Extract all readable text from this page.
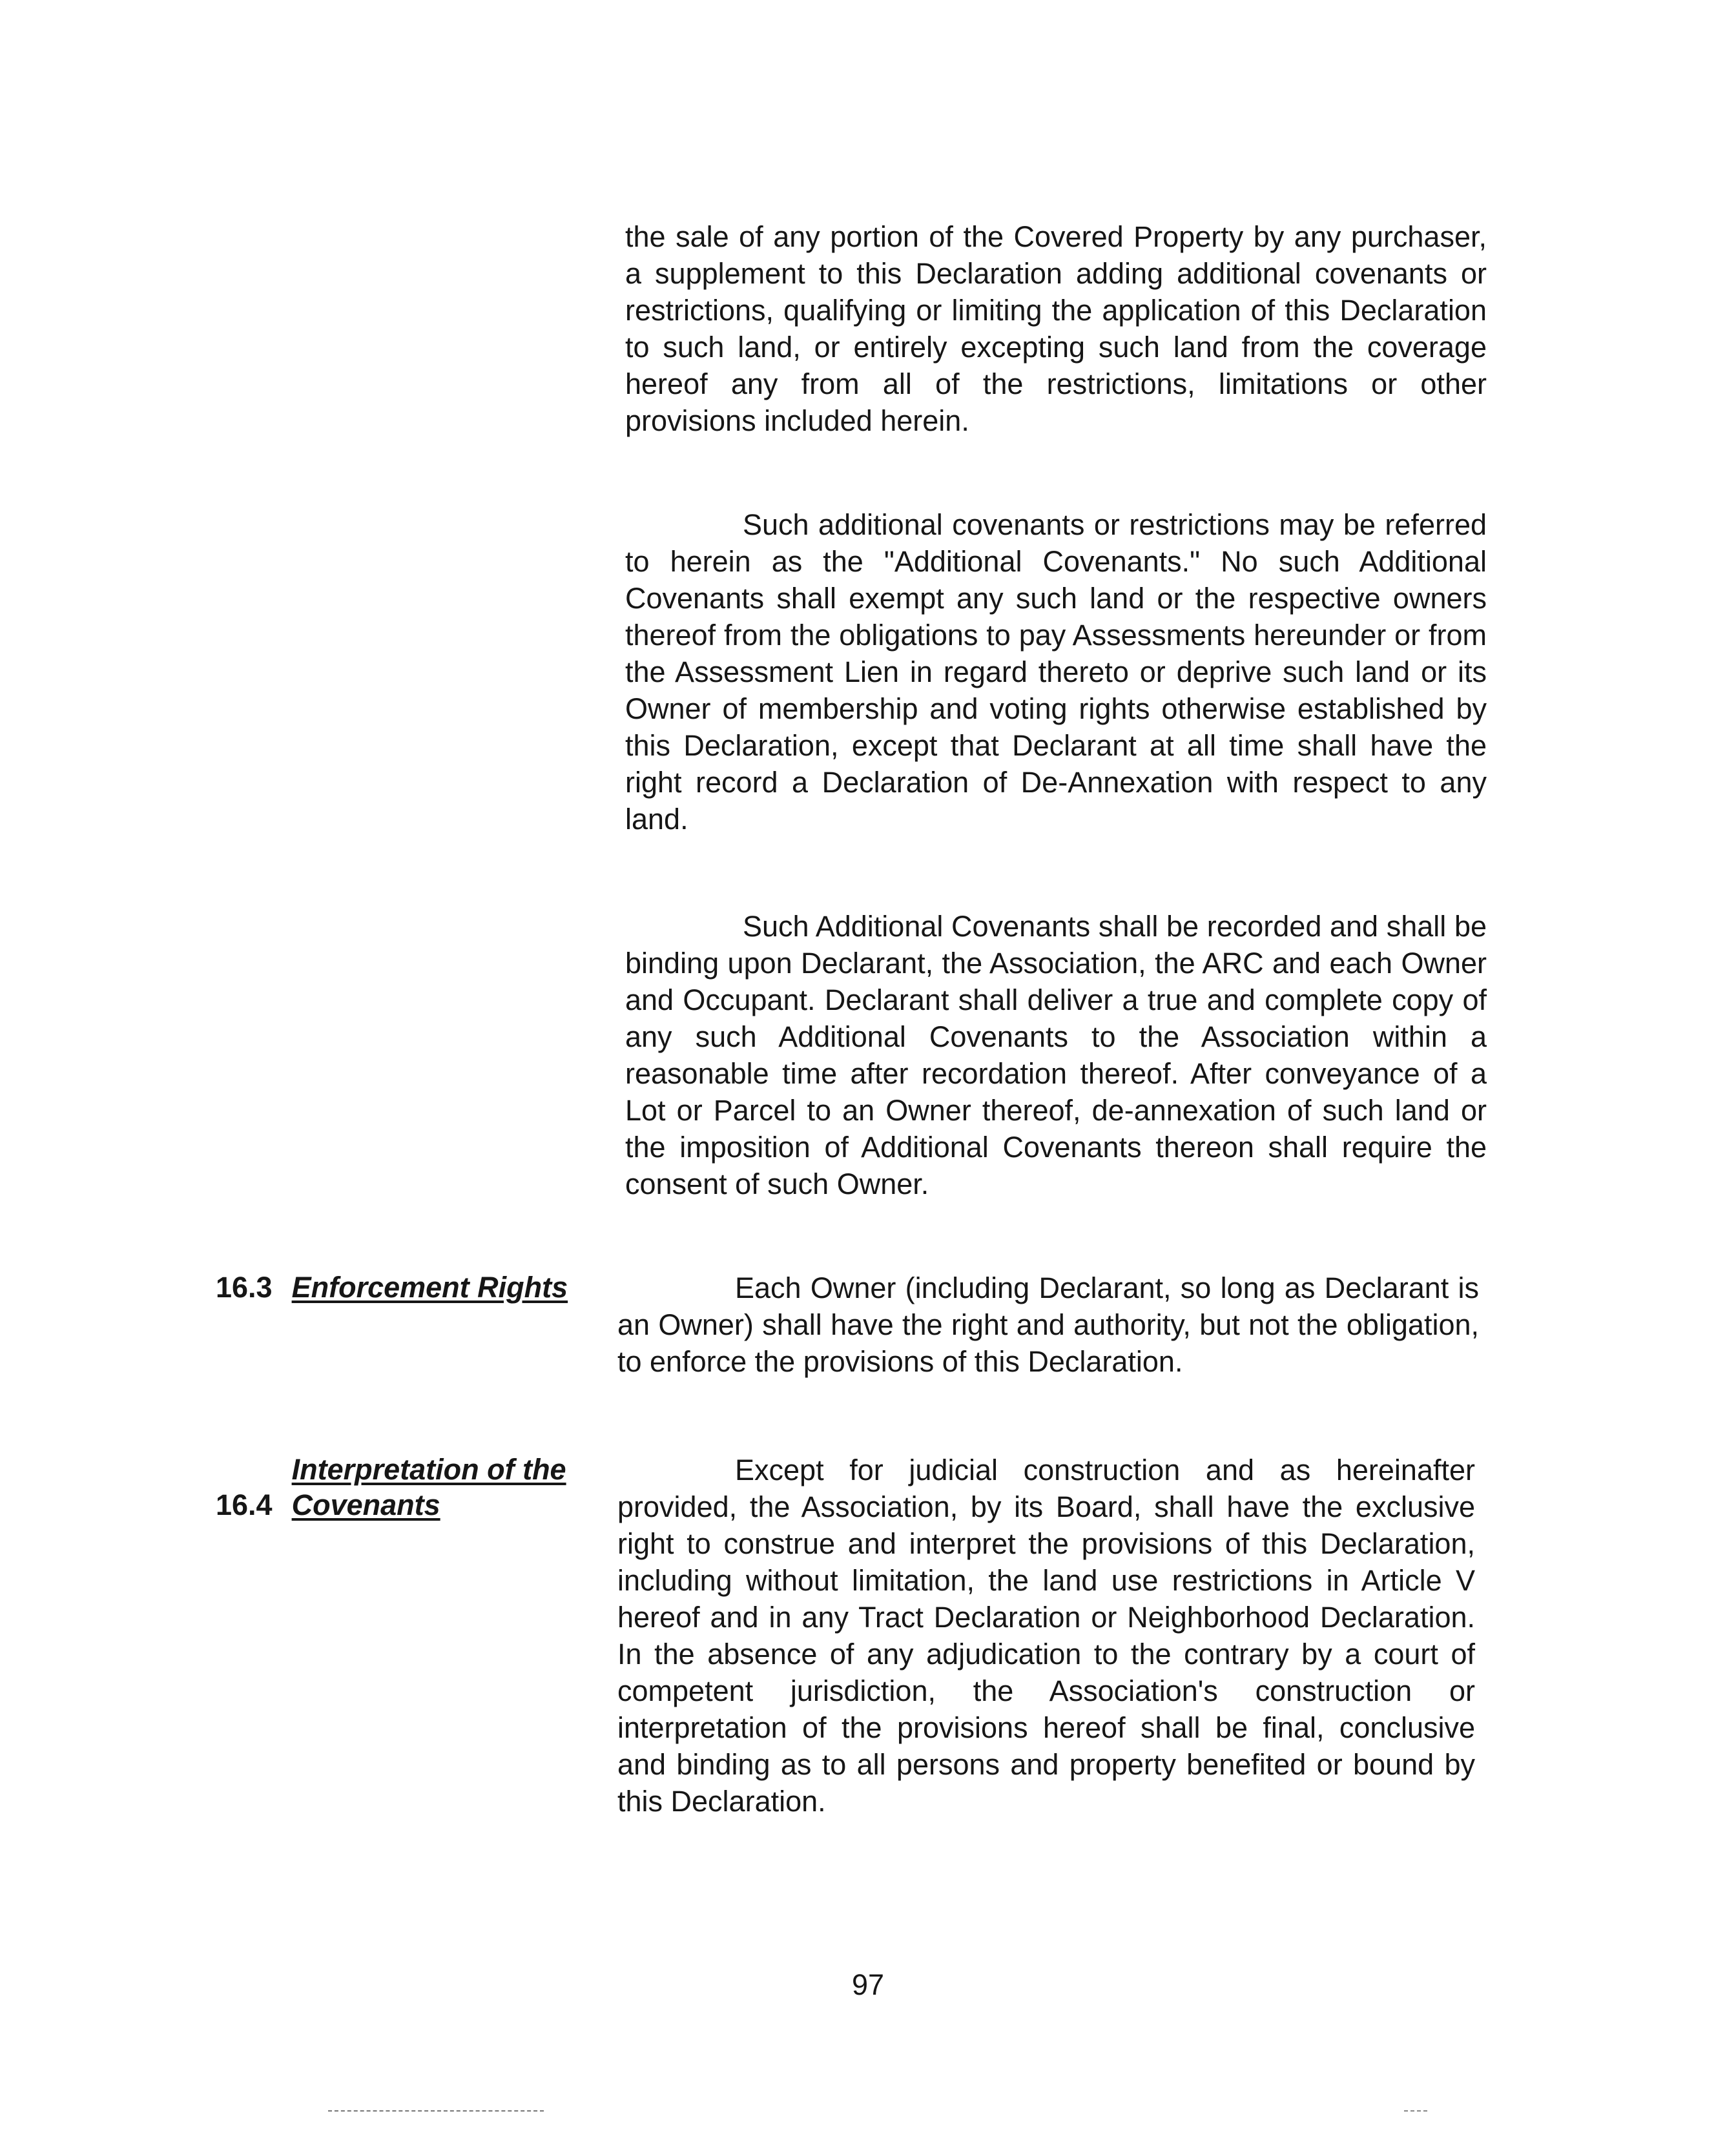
the sale of any portion of the Covered Property by any purchaser, a supplement to this Declaration adding additional covenants or restrictions, qualifying or limiting the application of this Declaration to such land, or entirely excepting such land from the coverage hereof any from all of the restrictions, limitations or other provisions included herein.

Such additional covenants or restrictions may be referred to herein as the "Additional Covenants." No such Additional Covenants shall exempt any such land or the respective owners thereof from the obligations to pay Assessments hereunder or from the Assessment Lien in regard thereto or deprive such land or its Owner of membership and voting rights otherwise established by this Declaration, except that Declarant at all time shall have the right record a Declaration of De-Annexation with respect to any land.

Such Additional Covenants shall be recorded and shall be binding upon Declarant, the Association, the ARC and each Owner and Occupant. Declarant shall deliver a true and complete copy of any such Additional Covenants to the Association within a reasonable time after recordation thereof. After conveyance of a Lot or Parcel to an Owner thereof, de-annexation of such land or the imposition of Additional Covenants thereon shall require the consent of such Owner.

16.3 Enforcement Rights	Each Owner (including Declarant, so long as Declarant is an Owner) shall have the right and authority, but not the obligation, to enforce the provisions of this Declaration.

16.4Interpretation of the Covenants

Except for judicial construction and as hereinafter provided, the Association, by its Board, shall have the exclusive right to construe and interpret the provisions of this Declaration, including without limitation, the land use restrictions in Article V hereof and in any Tract Declaration or Neighborhood Declaration. In the absence of any adjudication to the contrary by a court of competent jurisdiction, the Association's construction or interpretation of the provisions hereof shall be final, conclusive and binding as to all persons and property benefited or bound by this Declaration.

97
